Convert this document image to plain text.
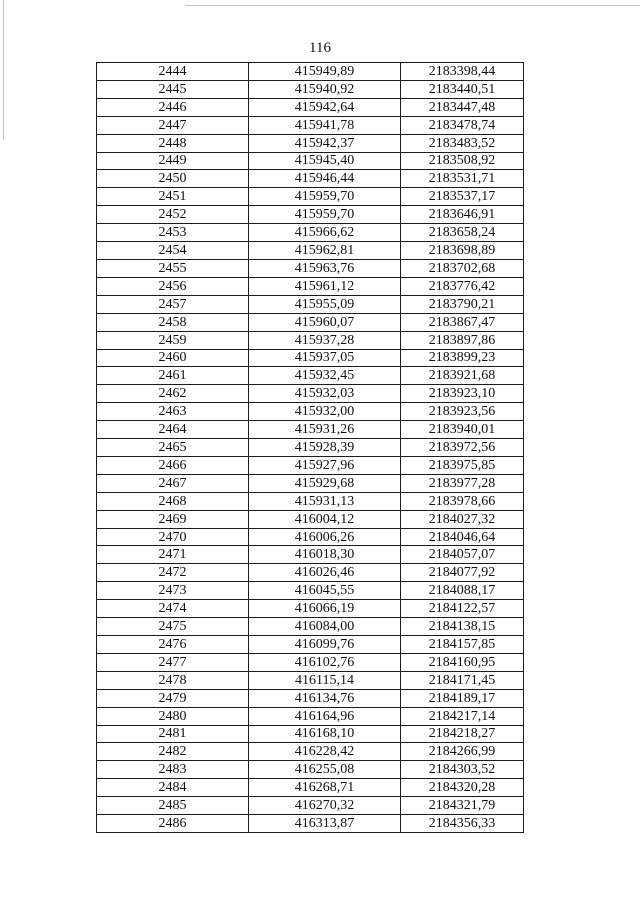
116
2444	415949,89	2183398,44
2445	415940,92	2183440,51
2446	415942,64	2183447,48
2447	415941,78	2183478,74
2448	415942,37	2183483,52
2449	415945,40	2183508,92
2450	415946,44	2183531,71
2451	415959,70	2183537,17
2452	415959,70	2183646,91
2453	415966,62	2183658,24
2454	415962,81	2183698,89
2455	415963,76	2183702,68
2456	415961,12	2183776,42
2457	415955,09	2183790,21
2458	415960,07	2183867,47
2459	415937,28	2183897,86
2460	415937,05	2183899,23
2461	415932,45	2183921,68
2462	415932,03	2183923,10
2463	415932,00	2183923,56
2464	415931,26	2183940,01
2465	415928,39	2183972,56
2466	415927,96	2183975,85
2467	415929,68	2183977,28
2468	415931,13	2183978,66
2469	416004,12	2184027,32
2470	416006,26	2184046,64
2471	416018,30	2184057,07
2472	416026,46	2184077,92
2473	416045,55	2184088,17
2474	416066,19	2184122,57
2475	416084,00	2184138,15
2476	416099,76	2184157,85
2477	416102,76	2184160,95
2478	416115,14	2184171,45
2479	416134,76	2184189,17
2480	416164,96	2184217,14
2481	416168,10	2184218,27
2482	416228,42	2184266,99
2483	416255,08	2184303,52
2484	416268,71	2184320,28
2485	416270,32	2184321,79
2486	416313,87	2184356,33
